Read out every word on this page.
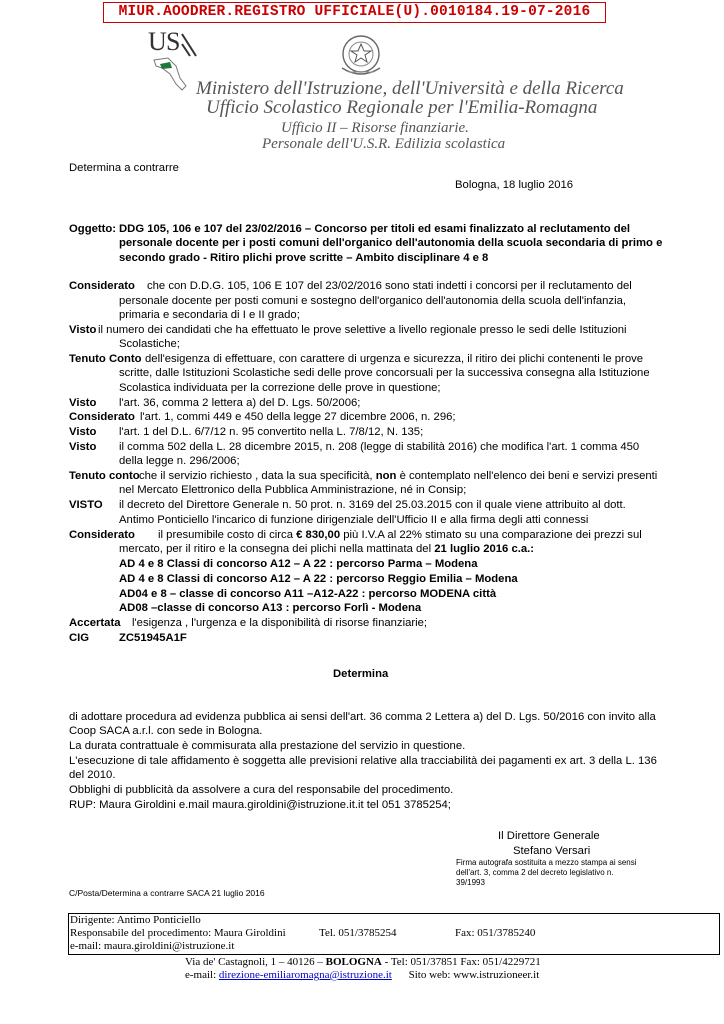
MIUR.AOODRER.REGISTRO UFFICIALE(U).0010184.19-07-2016
U S
Ministero dell'Istruzione, dell'Università e della Ricerca
Ufficio Scolastico Regionale per l'Emilia-Romagna
Ufficio II – Risorse finanziarie.
Personale dell'U.S.R. Edilizia scolastica
Determina a contrarre
Bologna, 18 luglio 2016
Oggetto: DDG 105, 106 e 107 del 23/02/2016 – Concorso per titoli ed esami finalizzato al reclutamento del
personale docente per i posti comuni dell'organico dell'autonomia della scuola secondaria di primo e
secondo grado - Ritiro plichi prove scritte – Ambito disciplinare 4 e 8
Considerato che con D.D.G. 105, 106 E 107 del 23/02/2016 sono stati indetti i concorsi per il reclutamento del
personale docente per posti comuni e sostegno dell'organico dell'autonomia della scuola dell'infanzia,
primaria e secondaria di I e II grado;
Visto il numero dei candidati che ha effettuato le prove selettive a livello regionale presso le sedi delle Istituzioni
Scolastiche;
Tenuto Conto dell'esigenza di effettuare, con carattere di urgenza e sicurezza, il ritiro dei plichi contenenti le prove
scritte, dalle Istituzioni Scolastiche sedi delle prove concorsuali per la successiva consegna alla Istituzione
Scolastica individuata per la correzione delle prove in questione;
Visto l'art. 36, comma 2 lettera a) del D. Lgs. 50/2006;
Considerato l'art. 1, commi 449 e 450 della legge 27 dicembre 2006, n. 296;
Visto l'art. 1 del D.L. 6/7/12 n. 95 convertito nella L. 7/8/12, N. 135;
Visto il comma 502 della L. 28 dicembre 2015, n. 208 (legge di stabilità 2016) che modifica l'art. 1 comma 450
della legge n. 296/2006;
Tenuto conto che il servizio richiesto , data la sua specificità, non è contemplato nell'elenco dei beni e servizi presenti
nel Mercato Elettronico della Pubblica Amministrazione, né in Consip;
VISTO il decreto del Direttore Generale n. 50 prot. n. 3169 del 25.03.2015 con il quale viene attribuito al dott.
Antimo Ponticiello l'incarico di funzione dirigenziale dell'Ufficio II e alla firma degli atti connessi
Considerato il presumibile costo di circa € 830,00 più I.V.A al 22% stimato su una comparazione dei prezzi sul
mercato, per il ritiro e la consegna dei plichi nella mattinata del 21 luglio 2016 c.a.:
AD 4 e 8 Classi di concorso A12 – A 22 : percorso Parma – Modena
AD 4 e 8 Classi di concorso A12 – A 22 : percorso Reggio Emilia – Modena
AD04 e 8 – classe di concorso A11 –A12-A22 : percorso MODENA città
AD08 –classe di concorso A13 : percorso Forlì - Modena
Accertata l'esigenza , l'urgenza e la disponibilità di risorse finanziarie;
CIG	ZC51945A1F
Determina
di adottare procedura ad evidenza pubblica ai sensi dell'art. 36 comma 2 Lettera a) del D. Lgs. 50/2016 con invito alla
Coop SACA a.r.l. con sede in Bologna.
La durata contrattuale è commisurata alla prestazione del servizio in questione.
L'esecuzione di tale affidamento è soggetta alle previsioni relative alla tracciabilità dei pagamenti ex art. 3 della L. 136
del 2010.
Obblighi di pubblicità da assolvere a cura del responsabile del procedimento.
RUP: Maura Giroldini e.mail maura.giroldini@istruzione.it.it tel 051 3785254;
Il Direttore Generale
Stefano Versari
Firma autografa sostituita a mezzo stampa ai sensi
dell'art. 3, comma 2 del decreto legislativo n.
39/1993
C/Posta/Determina a contrarre SACA 21 luglio 2016
Dirigente: Antimo Ponticiello
Responsabile del procedimento: Maura Giroldini	Tel. 051/3785254	Fax: 051/3785240
e-mail: maura.giroldini@istruzione.it
Via de' Castagnoli, 1 – 40126 – BOLOGNA - Tel: 051/37851 Fax: 051/4229721
e-mail: direzione-emiliaromagna@istruzione.it Sito web: www.istruzioneer.it
